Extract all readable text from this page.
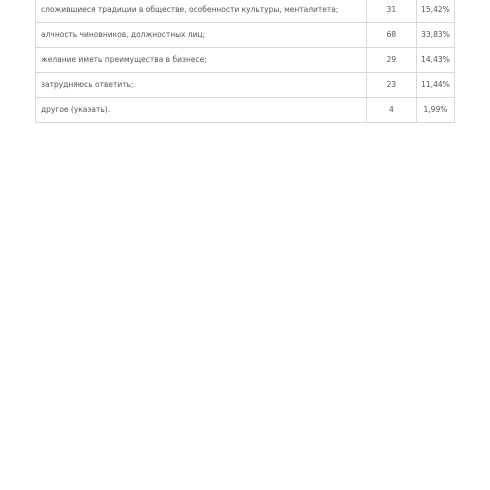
сложившиеся традиции в обществе, особенности культуры, менталитета;	31	15,42%
алчность чиновников, должностных лиц;	68	33,83%
желание иметь преимущества в бизнесе;	29	14,43%
затрудняюсь ответить;	23	11,44%
другое (указать).	4	1,99%
